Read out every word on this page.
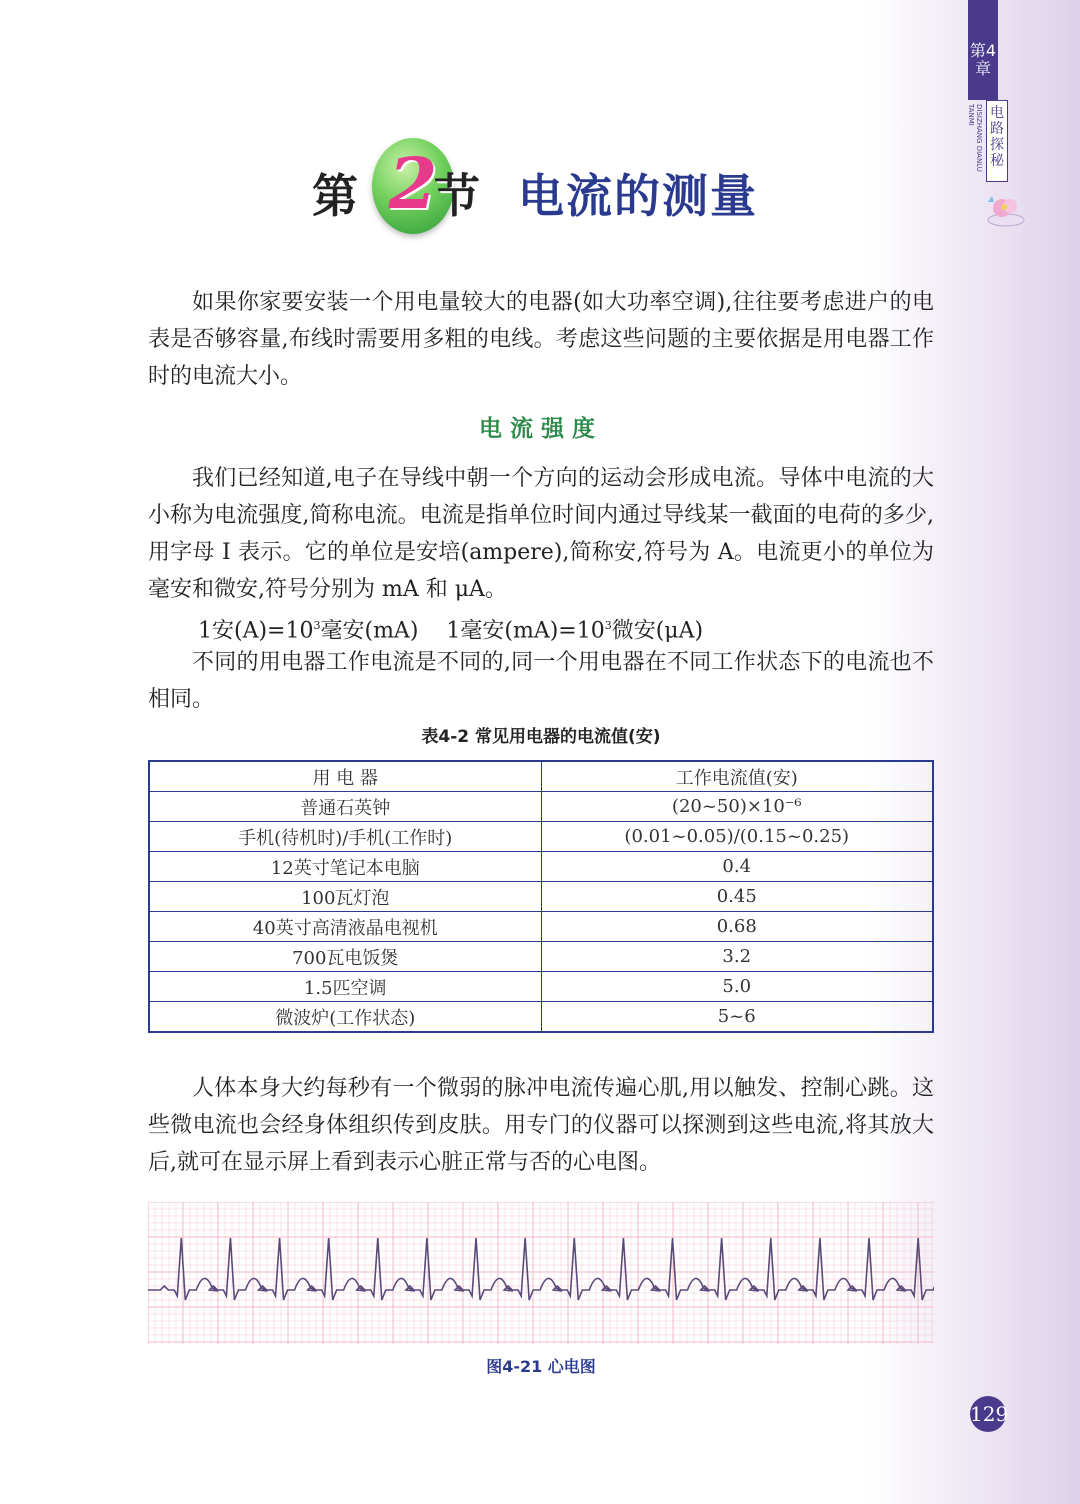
第 2
节 电流的测量
第4章
电路探秘
DISIZHANG DIANLU TANMI
如果你家要安装一个用电量较大的电器(如大功率空调),往往要考虑进户的电表是否够容量,布线时需要用多粗的电线。考虑这些问题的主要依据是用电器工作时的电流大小。
电流强度
我们已经知道,电子在导线中朝一个方向的运动会形成电流。导体中电流的大小称为电流强度,简称电流。电流是指单位时间内通过导线某一截面的电荷的多少,用字母 I 表示。它的单位是安培(ampere),简称安,符号为 A。电流更小的单位为毫安和微安,符号分别为 mA 和 μA。
1安$(A)=10^3$毫安(mA)    1毫安$(mA)=10^3$微安(μA)
不同的用电器工作电流是不同的,同一个用电器在不同工作状态下的电流也不相同。
表4-2 常见用电器的电流值(安)
用 电 器	工作电流值(安)
普通石英钟	(20~50)×10⁻⁶
手机(待机时)/手机(工作时)	(0.01~0.05)/(0.15~0.25)
12英寸笔记本电脑	0.4
100瓦灯泡	0.45
40英寸高清液晶电视机	0.68
700瓦电饭煲	3.2
1.5匹空调	5.0
微波炉(工作状态)	5~6
人体本身大约每秒有一个微弱的脉冲电流传遍心肌,用以触发、控制心跳。这些微电流也会经身体组织传到皮肤。用专门的仪器可以探测到这些电流,将其放大后,就可在显示屏上看到表示心脏正常与否的心电图。
图4-21 心电图
129
